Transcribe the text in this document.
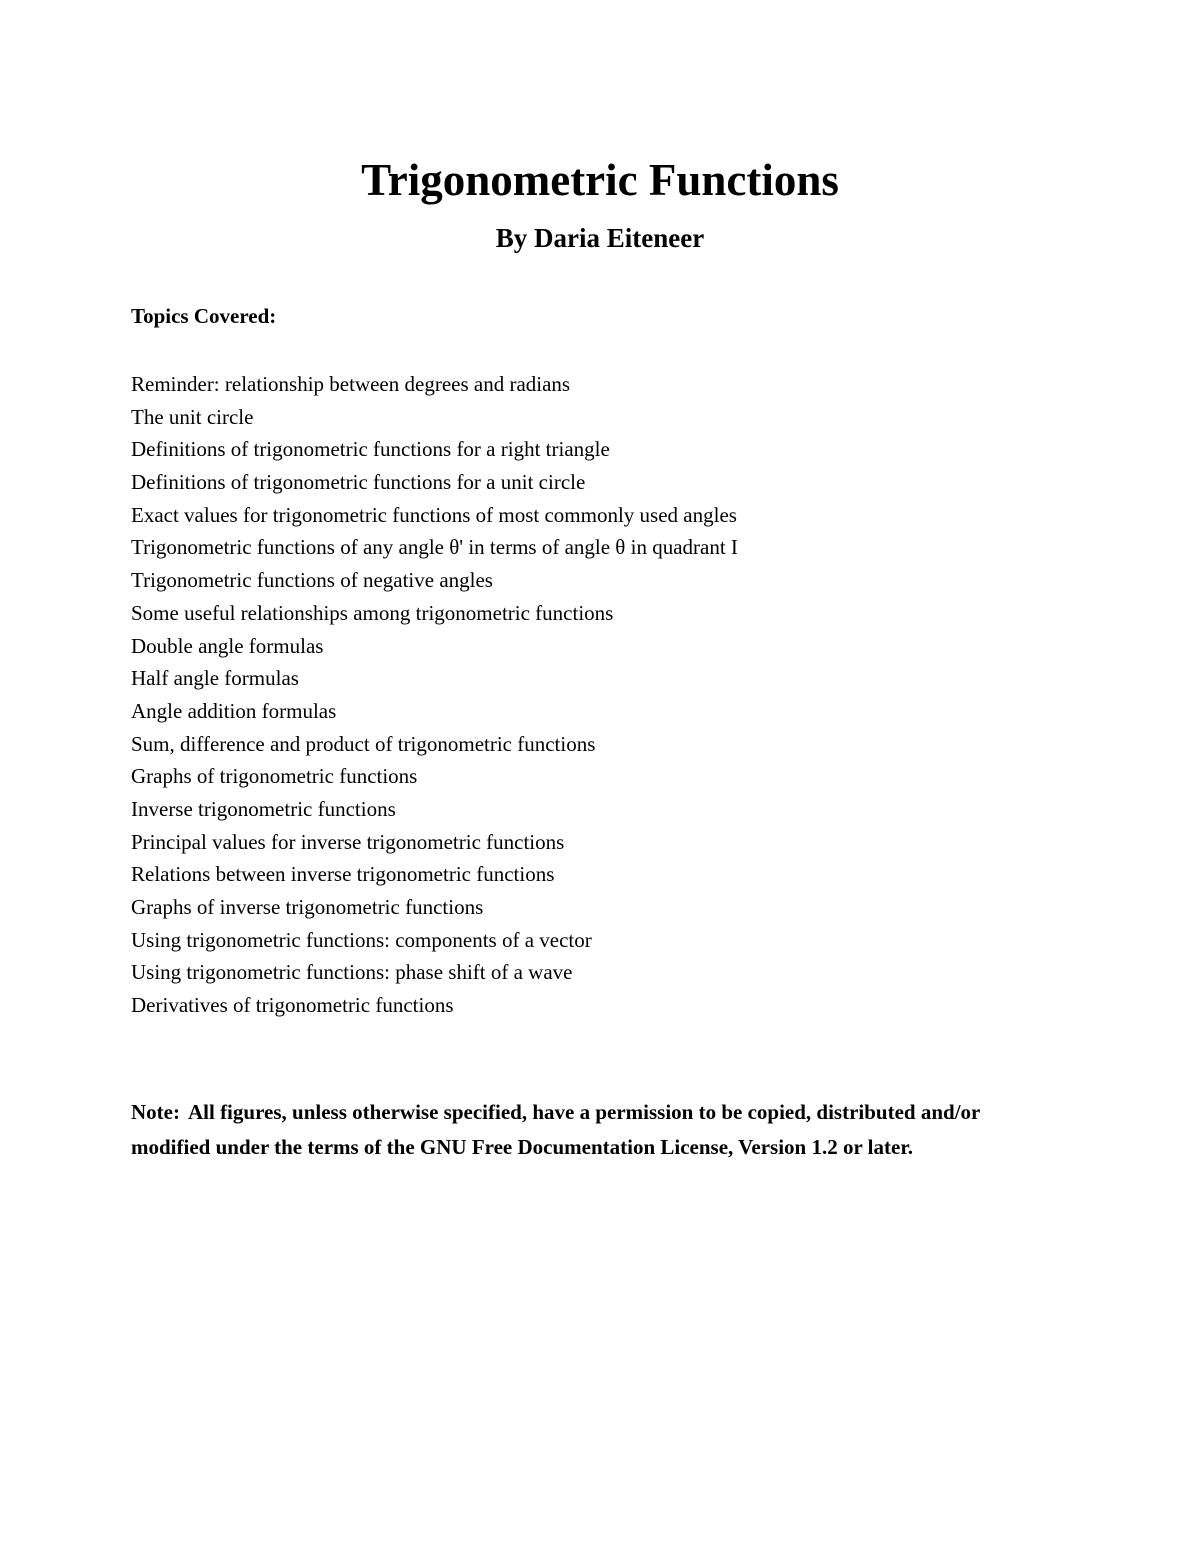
Trigonometric Functions
By Daria Eiteneer
Topics Covered:
Reminder: relationship between degrees and radians
The unit circle
Definitions of trigonometric functions for a right triangle
Definitions of trigonometric functions for a unit circle
Exact values for trigonometric functions of most commonly used angles
Trigonometric functions of any angle θ' in terms of angle θ in quadrant I
Trigonometric functions of negative angles
Some useful relationships among trigonometric functions
Double angle formulas
Half angle formulas
Angle addition formulas
Sum, difference and product of trigonometric functions
Graphs of trigonometric functions
Inverse trigonometric functions
Principal values for inverse trigonometric functions
Relations between inverse trigonometric functions
Graphs of inverse trigonometric functions
Using trigonometric functions: components of a vector
Using trigonometric functions: phase shift of a wave
Derivatives of trigonometric functions

Note: All figures, unless otherwise specified, have a permission to be copied, distributed and/or modified under the terms of the GNU Free Documentation License, Version 1.2 or later.
